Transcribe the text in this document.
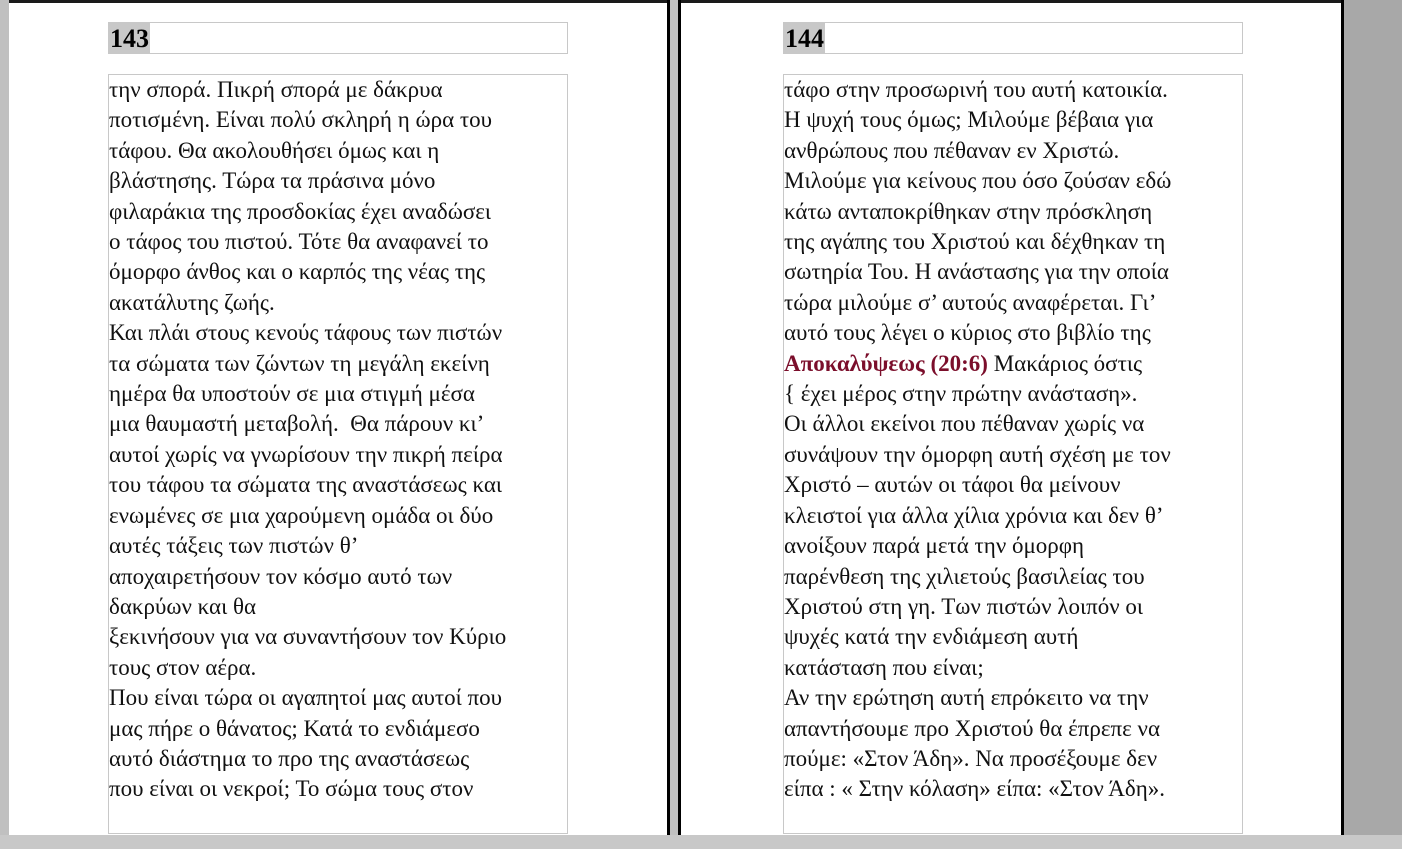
143
την σπορά. Πικρή σπορά με δάκρυα
ποτισμένη. Είναι πολύ σκληρή η ώρα του
τάφου. Θα ακολουθήσει όμως και η
βλάστησης. Τώρα τα πράσινα μόνο
φιλαράκια της προσδοκίας έχει αναδώσει
ο τάφος του πιστού. Τότε θα αναφανεί το
όμορφο άνθος και ο καρπός της νέας της
ακατάλυτης ζωής.
Και πλάι στους κενούς τάφους των πιστών
τα σώματα των ζώντων τη μεγάλη εκείνη
ημέρα θα υποστούν σε μια στιγμή μέσα
μια θαυμαστή μεταβολή.  Θα πάρουν κι’
αυτοί χωρίς να γνωρίσουν την πικρή πείρα
του τάφου τα σώματα της αναστάσεως και
ενωμένες σε μια χαρούμενη ομάδα οι δύο
αυτές τάξεις των πιστών θ’
αποχαιρετήσουν τον κόσμο αυτό των
δακρύων και θα
ξεκινήσουν για να συναντήσουν τον Κύριο
τους στον αέρα.
Που είναι τώρα οι αγαπητοί μας αυτοί που
μας πήρε ο θάνατος; Κατά το ενδιάμεσο
αυτό διάστημα το προ της αναστάσεως
που είναι οι νεκροί; Το σώμα τους στον
144
τάφο στην προσωρινή του αυτή κατοικία.
Η ψυχή τους όμως; Μιλούμε βέβαια για
ανθρώπους που πέθαναν εν Χριστώ.
Μιλούμε για κείνους που όσο ζούσαν εδώ
κάτω ανταποκρίθηκαν στην πρόσκληση
της αγάπης του Χριστού και δέχθηκαν τη
σωτηρία Του. Η ανάστασης για την οποία
τώρα μιλούμε σ’ αυτούς αναφέρεται. Γι’
αυτό τους λέγει ο κύριος στο βιβλίο της
Αποκαλύψεως (20:6) Μακάριος όστις
{ έχει μέρος στην πρώτην ανάσταση».
Οι άλλοι εκείνοι που πέθαναν χωρίς να
συνάψουν την όμορφη αυτή σχέση με τον
Χριστό – αυτών οι τάφοι θα μείνουν
κλειστοί για άλλα χίλια χρόνια και δεν θ’
ανοίξουν παρά μετά την όμορφη
παρένθεση της χιλιετούς βασιλείας του
Χριστού στη γη. Των πιστών λοιπόν οι
ψυχές κατά την ενδιάμεση αυτή
κατάσταση που είναι;
Αν την ερώτηση αυτή επρόκειτο να την
απαντήσουμε προ Χριστού θα έπρεπε να
πούμε: «Στον Άδη». Να προσέξουμε δεν
είπα : « Στην κόλαση» είπα: «Στον Άδη».
